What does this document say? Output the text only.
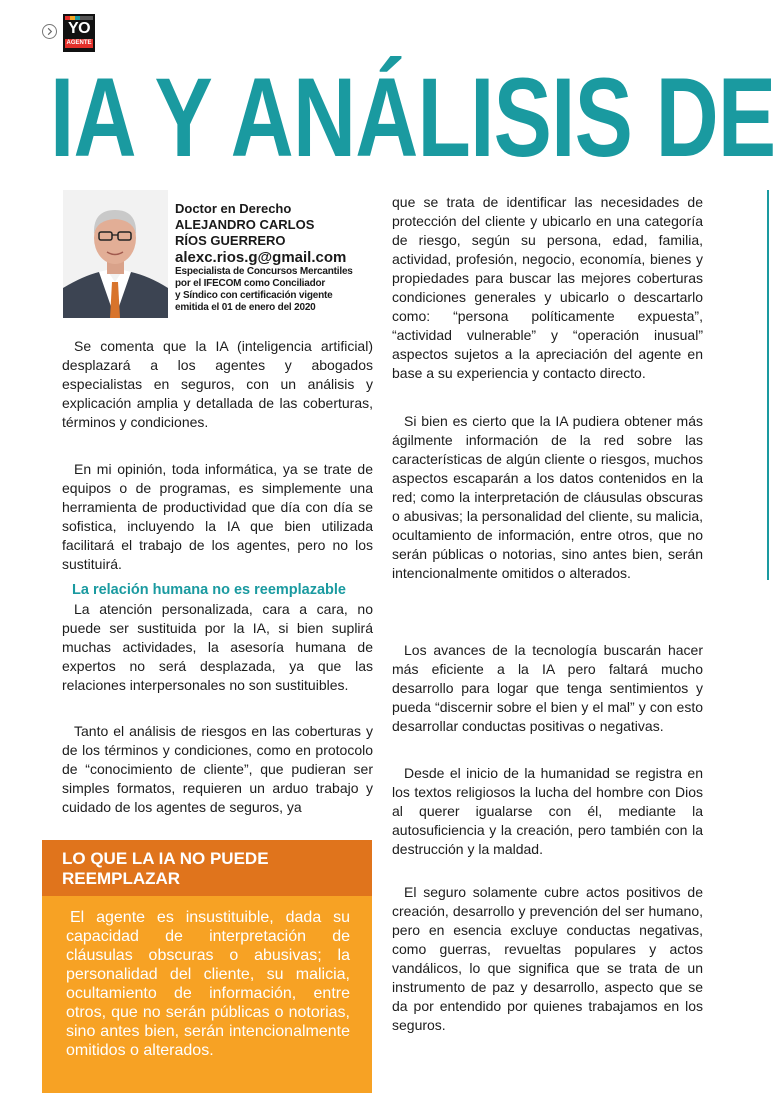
YO
AGENTE
IA Y ANÁLISIS DE
Doctor en Derecho
ALEJANDRO CARLOS
RÍOS GUERRERO
alexc.rios.g@gmail.com
Especialista de Concursos Mercantiles
por el IFECOM como Conciliador
y Síndico con certificación vigente
emitida el 01 de enero del 2020

Se comenta que la IA (inteligencia artificial) desplazará a los agentes y abogados especialistas en seguros, con un análisis y explicación amplia y detallada de las coberturas, términos y condiciones.

En mi opinión, toda informática, ya se trate de equipos o de programas, es simplemente una herramienta de productividad que día con día se sofistica, incluyendo la IA que bien utilizada facilitará el trabajo de los agentes, pero no los sustituirá.

La relación humana no es reemplazable

La atención personalizada, cara a cara, no puede ser sustituida por la IA, si bien suplirá muchas actividades, la asesoría humana de expertos no será desplazada, ya que las relaciones interpersonales no son sustituibles.

Tanto el análisis de riesgos en las coberturas y de los términos y condiciones, como en protocolo de “conocimiento de cliente”, que pudieran ser simples formatos, requieren un arduo trabajo y cuidado de los agentes de seguros, ya

que se trata de identificar las necesidades de protección del cliente y ubicarlo en una categoría de riesgo, según su persona, edad, familia, actividad, profesión, negocio, economía, bienes y propiedades para buscar las mejores coberturas condiciones generales y ubicarlo o descartarlo como: “persona políticamente expuesta”, “actividad vulnerable” y “operación inusual” aspectos sujetos a la apreciación del agente en base a su experiencia y contacto directo.

Si bien es cierto que la IA pudiera obtener más ágilmente información de la red sobre las características de algún cliente o riesgos, muchos aspectos escaparán a los datos contenidos en la red; como la interpretación de cláusulas obscuras o abusivas; la personalidad del cliente, su malicia, ocultamiento de información, entre otros, que no serán públicas o notorias, sino antes bien, serán intencionalmente omitidos o alterados.

Los avances de la tecnología buscarán hacer más eficiente a la IA pero faltará mucho desarrollo para logar que tenga sentimientos y pueda “discernir sobre el bien y el mal” y con esto desarrollar conductas positivas o negativas.

Desde el inicio de la humanidad se registra en los textos religiosos la lucha del hombre con Dios al querer igualarse con él, mediante la autosuficiencia y la creación, pero también con la destrucción y la maldad.

El seguro solamente cubre actos positivos de creación, desarrollo y prevención del ser humano, pero en esencia excluye conductas negativas, como guerras, revueltas populares y actos vandálicos, lo que significa que se trata de un instrumento de paz y desarrollo, aspecto que se da por entendido por quienes trabajamos en los seguros.

LO QUE LA IA NO PUEDE
REEMPLAZAR

El agente es insustituible, dada su capacidad de interpretación de cláusulas obscuras o abusivas; la personalidad del cliente, su malicia, ocultamiento de información, entre otros, que no serán públicas o notorias, sino antes bien, serán intencionalmente omitidos o alterados.
